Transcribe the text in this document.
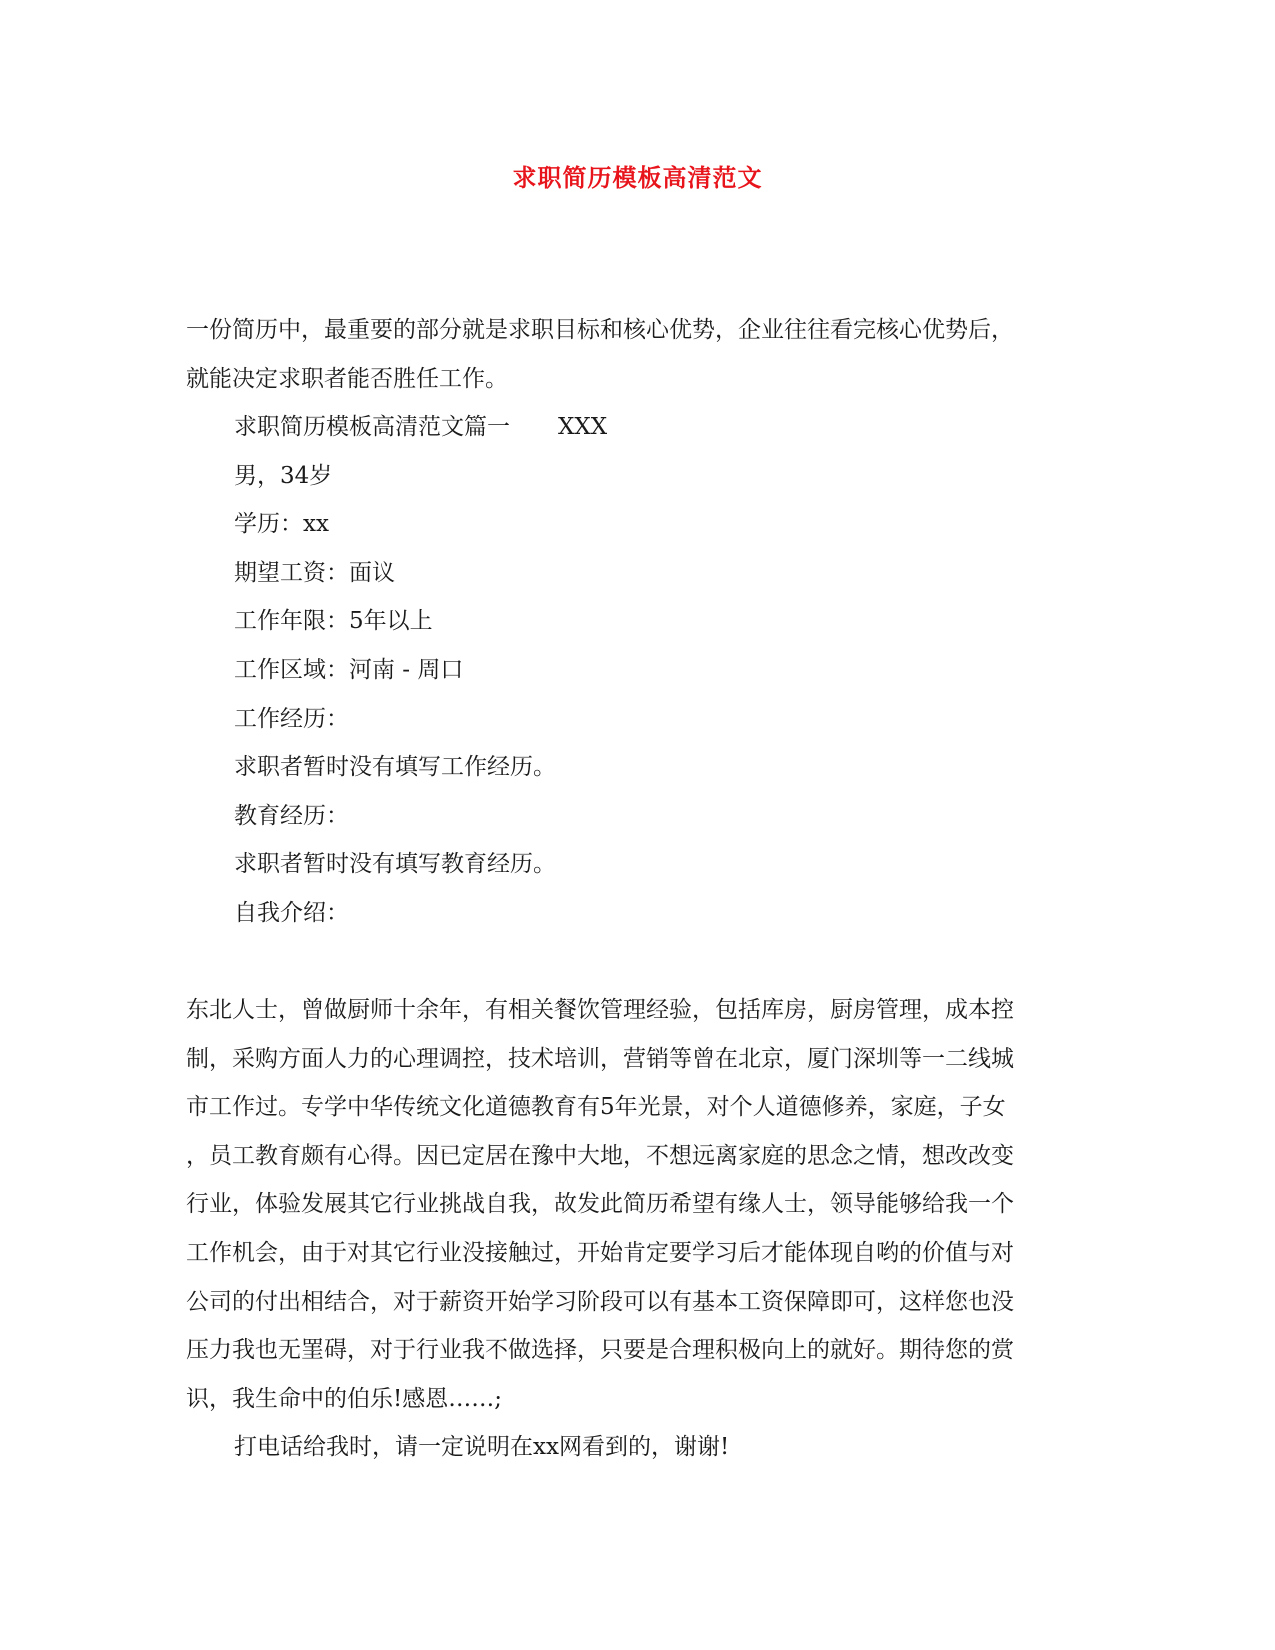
求职简历模板高清范文
一份简历中，最重要的部分就是求职目标和核心优势，企业往往看完核心优势后，
就能决定求职者能否胜任工作。
求职简历模板高清范文篇一 XXX
男，34岁
学历：xx
期望工资：面议
工作年限：5年以上
工作区域：河南 - 周口
工作经历：
求职者暂时没有填写工作经历。
教育经历：
求职者暂时没有填写教育经历。
自我介绍：
东北人士，曾做厨师十余年，有相关餐饮管理经验，包括库房，厨房管理，成本控
制，采购方面人力的心理调控，技术培训，营销等曾在北京，厦门深圳等一二线城
市工作过。专学中华传统文化道德教育有5年光景，对个人道德修养，家庭，子女
，员工教育颇有心得。因已定居在豫中大地，不想远离家庭的思念之情，想改改变
行业，体验发展其它行业挑战自我，故发此简历希望有缘人士，领导能够给我一个
工作机会，由于对其它行业没接触过，开始肯定要学习后才能体现自哟的价值与对
公司的付出相结合，对于薪资开始学习阶段可以有基本工资保障即可，这样您也没
压力我也无罣碍，对于行业我不做选择，只要是合理积极向上的就好。期待您的赏
识，我生命中的伯乐!感恩……;
打电话给我时，请一定说明在xx网看到的，谢谢!
